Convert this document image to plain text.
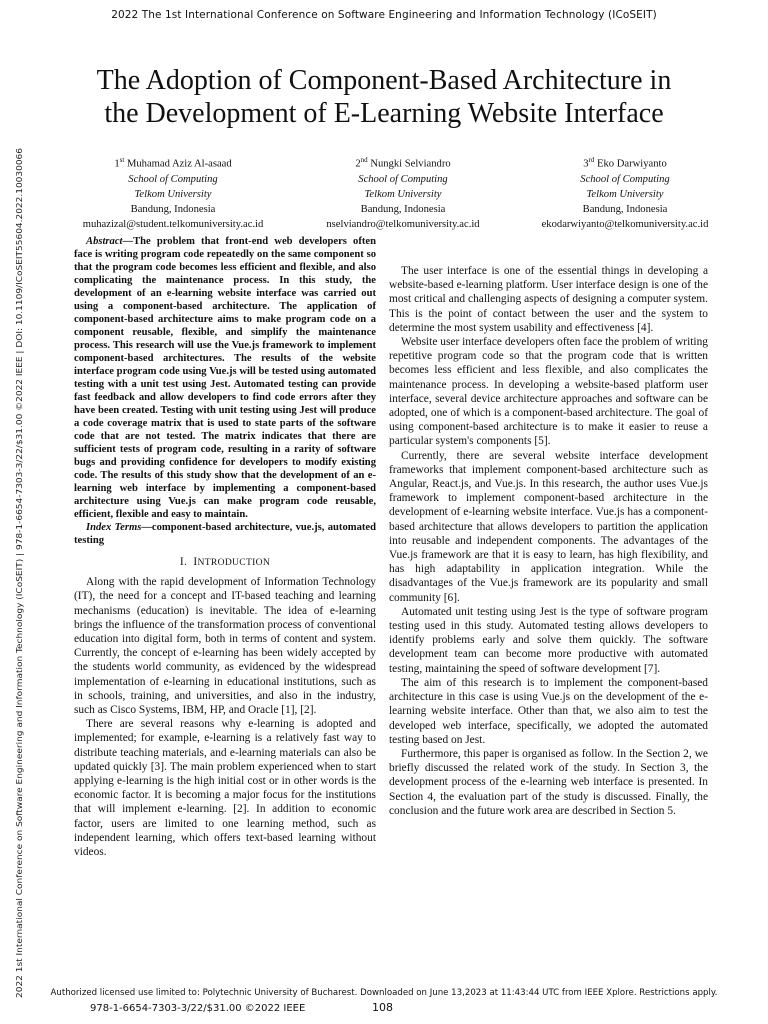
2022 The 1st International Conference on Software Engineering and Information Technology (ICoSEIT)
2022 1st International Conference on Software Engineering and Information Technology (ICoSEIT) | 978-1-6654-7303-3/22/$31.00 ©2022 IEEE | DOI: 10.1109/ICoSEIT55604.2022.10030066
The Adoption of Component-Based Architecture in
the Development of E-Learning Website Interface
1st Muhamad Aziz Al-asaad
School of Computing
Telkom University
Bandung, Indonesia
muhazizal@student.telkomuniversity.ac.id
2nd Nungki Selviandro
School of Computing
Telkom University
Bandung, Indonesia
nselviandro@telkomuniversity.ac.id
3rd Eko Darwiyanto
School of Computing
Telkom University
Bandung, Indonesia
ekodarwiyanto@telkomuniversity.ac.id

Abstract—The problem that front-end web developers often face is writing program code repeatedly on the same component so that the program code becomes less efficient and flexible, and also complicating the maintenance process. In this study, the development of an e-learning website interface was carried out using a component-based architecture. The application of component-based architecture aims to make program code on a component reusable, flexible, and simplify the maintenance process. This research will use the Vue.js framework to implement component-based architectures. The results of the website interface program code using Vue.js will be tested using automated testing with a unit test using Jest. Automated testing can provide fast feedback and allow developers to find code errors after they have been created. Testing with unit testing using Jest will produce a code coverage matrix that is used to state parts of the software code that are not tested. The matrix indicates that there are sufficient tests of program code, resulting in a rarity of software bugs and providing confidence for developers to modify existing code. The results of this study show that the development of an e-learning web interface by implementing a component-based architecture using Vue.js can make program code reusable, efficient, flexible and easy to maintain.

Index Terms—component-based architecture, vue.js, automated testing

I. INTRODUCTION

Along with the rapid development of Information Technology (IT), the need for a concept and IT-based teaching and learning mechanisms (education) is inevitable. The idea of e-learning brings the influence of the transformation process of conventional education into digital form, both in terms of content and system. Currently, the concept of e-learning has been widely accepted by the students world community, as evidenced by the widespread implementation of e-learning in educational institutions, such as in schools, training, and universities, and also in the industry, such as Cisco Systems, IBM, HP, and Oracle [1], [2].

There are several reasons why e-learning is adopted and implemented; for example, e-learning is a relatively fast way to distribute teaching materials, and e-learning materials can also be updated quickly [3]. The main problem experienced when to start applying e-learning is the high initial cost or in other words is the economic factor. It is becoming a major focus for the institutions that will implement e-learning. [2]. In addition to economic factor, users are limited to one learning method, such as independent learning, which offers text-based learning without videos.

The user interface is one of the essential things in developing a website-based e-learning platform. User interface design is one of the most critical and challenging aspects of designing a computer system. This is the point of contact between the user and the system to determine the most system usability and effectiveness [4].

Website user interface developers often face the problem of writing repetitive program code so that the program code that is written becomes less efficient and less flexible, and also complicates the maintenance process. In developing a website-based platform user interface, several device architecture approaches and software can be adopted, one of which is a component-based architecture. The goal of using component-based architecture is to make it easier to reuse a particular system's components [5].

Currently, there are several website interface development frameworks that implement component-based architecture such as Angular, React.js, and Vue.js. In this research, the author uses Vue.js framework to implement component-based architecture in the development of e-learning website interface. Vue.js has a component-based architecture that allows developers to partition the application into reusable and independent components. The advantages of the Vue.js framework are that it is easy to learn, has high flexibility, and has high adaptability in application integration. While the disadvantages of the Vue.js framework are its popularity and small community [6].

Automated unit testing using Jest is the type of software program testing used in this study. Automated testing allows developers to identify problems early and solve them quickly. The software development team can become more productive with automated testing, maintaining the speed of software development [7].

The aim of this research is to implement the component-based architecture in this case is using Vue.js on the development of the e-learning website interface. Other than that, we also aim to test the developed web interface, specifically, we adopted the automated testing based on Jest.

Furthermore, this paper is organised as follow. In the Section 2, we briefly discussed the related work of the study. In Section 3, the development process of the e-learning web interface is presented. In Section 4, the evaluation part of the study is discussed. Finally, the conclusion and the future work area are described in Section 5.

Authorized licensed use limited to: Polytechnic University of Bucharest. Downloaded on June 13,2023 at 11:43:44 UTC from IEEE Xplore. Restrictions apply.
978-1-6654-7303-3/22/$31.00 ©2022 IEEE	108
